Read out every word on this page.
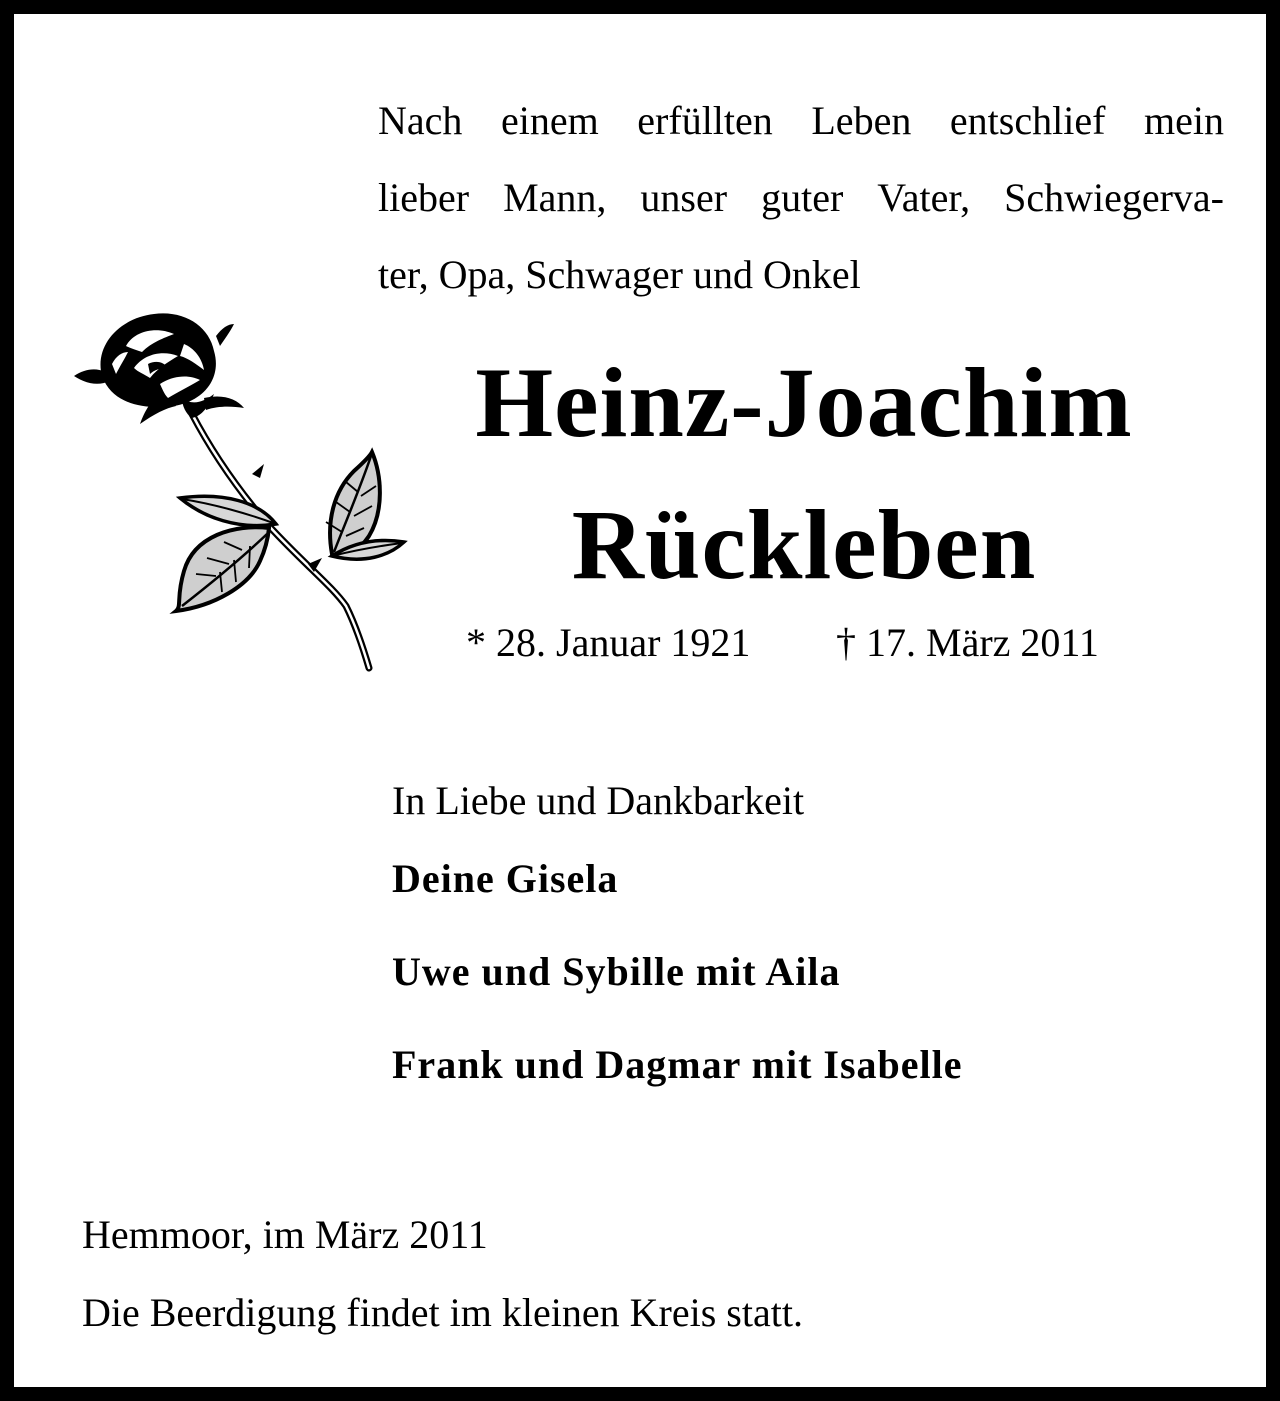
Nach einem erfüllten Leben entschlief mein
lieber Mann, unser guter Vater, Schwiegerva-
ter, Opa, Schwager und Onkel
Heinz-Joachim
Rückleben
* 28. Januar 1921 † 17. März 2011
In Liebe und Dankbarkeit
Deine Gisela
Uwe und Sybille mit Aila
Frank und Dagmar mit Isabelle
Hemmoor, im März 2011
Die Beerdigung findet im kleinen Kreis statt.
